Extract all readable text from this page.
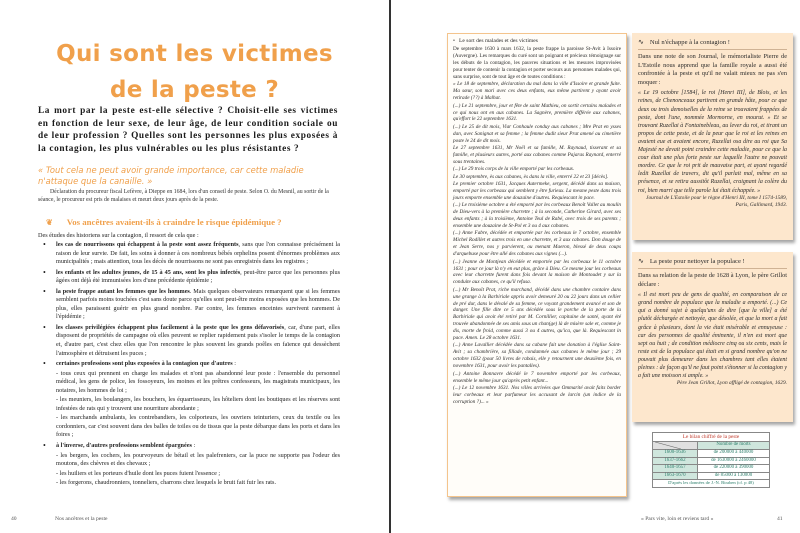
Qui sont les victimes
de la peste ?
La mort par la peste est-elle sélective ? Choisit-elle ses victimes en fonction de leur sexe, de leur âge, de leur condition sociale ou de leur profession ? Quelles sont les personnes les plus exposées à la contagion, les plus vulnérables ou les plus résistantes ?
« Tout cela ne peut avoir grande importance, car cette maladie n'attaque que la canaille. »
Déclaration du procureur fiscal Lefèvre, à Dieppe en 1684, lors d'un conseil de peste. Selon O. du Mesnil, au sortir de la séance, le procureur est pris de malaises et meurt deux jours après de la peste.
❦ Vos ancêtres avaient-ils à craindre le risque épidémique ?
Des études des historiens sur la contagion, il ressort de cela que :
• les cas de nourrissons qui échappent à la peste sont assez fréquents, sans que l'on connaisse précisément la raison de leur survie. De fait, les soins à donner à ces nombreux bébés orphelins posent d'énormes problèmes aux municipalités ; mais attention, tous les décès de nourrissons ne sont pas enregistrés dans les registres ;
• les enfants et les adultes jeunes, de 15 à 45 ans, sont les plus infectés, peut-être parce que les personnes plus âgées ont déjà été immunisées lors d'une précédente épidémie ;
• la peste frappe autant les femmes que les hommes. Mais quelques observateurs remarquent que si les femmes semblent parfois moins touchées c'est sans doute parce qu'elles sont peut-être moins exposées que les hommes. De plus, elles paraissent guérir en plus grand nombre. Par contre, les femmes enceintes survivent rarement à l'épidémie ;
• les classes privilégiées échappent plus facilement à la peste que les gens défavorisés, car, d'une part, elles disposent de propriétés de campagne où elles peuvent se replier rapidement puis s'isoler le temps de la contagion et, d'autre part, c'est chez elles que l'on rencontre le plus souvent les grands poêles en faïence qui dessèchent l'atmosphère et détruisent les puces ;
• certaines professions sont plus exposées à la contagion que d'autres :
- tous ceux qui prennent en charge les malades et n'ont pas abandonné leur poste : l'ensemble du personnel médical, les gens de police, les fossoyeurs, les moines et les prêtres confesseurs, les magistrats municipaux, les notaires, les hommes de loi ;
- les meuniers, les boulangers, les bouchers, les équarrisseurs, les hôteliers dont les boutiques et les réserves sont infestées de rats qui y trouvent une nourriture abondante ;
- les marchands ambulants, les contrebandiers, les colporteurs, les ouvriers teinturiers, ceux du textile ou les cordonniers, car c'est souvent dans des balles de toiles ou de tissus que la peste débarque dans les ports et dans les foires ;
• à l'inverse, d'autres professions semblent épargnées :
- les bergers, les cochers, les pourvoyeurs de bétail et les palefreniers, car la puce ne supporte pas l'odeur des moutons, des chèvres et des chevaux ;
- les huiliers et les porteurs d'huile dont les puces fuient l'essence ;
- les forgerons, chaudronniers, tonneliers, charrons chez lesquels le bruit fait fuir les rats.
40	Nos ancêtres et la peste
• Le sort des malades et des victimes
De septembre 1630 à mars 1632, la peste frappe la paroisse St-Avit à Issoire (Auvergne). Les remarques du curé sont un poignant et précieux témoignage sur les débuts de la contagion, les pauvres situations et les mesures improvisées pour tenter de contenir la contagion et porter secours aux personnes malades qui, sans surprise, sont de tout âge et de toutes conditions :

« Le 18 de septembre, déclaration du mal dans la ville d'Issoire et grande fuite. Ma sœur, son mari avec ces deux enfants, eux même partirent y ayant avoir retirade (??) à Malhat.

(...) Le 21 septembre, jour et fête de saint Mathieu, on sortit certains malades et ce qui nous ont en aux cabanes. La Sagnère, première différée aux cabanes, qu'effort le 22 septembre 1631.

(...) Le 25 de dit mois, Viar Conhaule conduy aux cabanes ; Mre Prat en ysses dan, avec Sanignat et sa femme ; la femme dudit sieur Prat amené au cimetière poste le 24 de dit mois.

Le 27 septembre 1631, Mr Noël et sa famille, M. Raynaud, tisserant et sa famille, et plusieurs autres, porté aux cabanes comme Pajaras Raynard, enterré sous trentaines.

(...) Le 29 trois corps de la ville emporté par les corbeaux.

Le 30 septembre, ès aux cabanes, ès dans la ville, enterré 22 et 23 [décès].

Le premier octobre 1631, Jacques Autermeke, sergent, décédé dans sa maison, emporté par les corbeaux qui semblent y être furieux. La mesme peste dans trois jours emporte ensemble une douzaine d'autres. Requiescant in pace.

(...) Le troisième octobre a été emporté par les corbeaux Benoît Vallet au moulin de Dieu-vers à la première charrette ; à la seconde, Catherine Girard, avec ses deux enfants ; à la troisième, Antoine Teul de Rabé, avec trois de ses parents ; ensemble une douzaine de St-Pol et 3 ou 4 aux cabanes.

(...) Anne Fabre, décédée et emportée par les corbeaux le 7 octobre, ensemble Michel Rodillet et autres trois en une charrette, et 3 aux cabanes. Don douge de et Jean Serre, nos y parvierent, ou menant Maeron, blessé de deux coups d'arquebuse pour être allé des cabanes aux vignes (...).

(...) Jeanne de Montjean décédée et emportée par les corbeaux le 11 octobre 1631 ; pour ce jour là n'y en eut plus, grâce à Dieu. Ce mesme jour les corbeaux avec leur charrette furent dans fois devant la maison de Montoudet y sur la conduite aux cabanes, ce qu'il refusa.

(...) Mr Benoît Prat, riche marchand, décédé dans une chambre contaire dans une grange à la Barbiriale appris avoir demeuré 20 ou 22 jours dans un cellier de pré dur, dans le dévalé de sa femme, ce voyant grandement avancé et son de danger. Une fille dite ce 5 ans décédée sous le porche de la porte de la Barbiriale qui avoit été retiré par M. Cornillier, capitaine de santé, ayant été trouvée abandonnée de ses amis sous un chan(ge) là de misère sale et, comme je dis, morte de froid, comme aussi 3 ou 4 autres, qu'ica, que là. Requiescant in pace. Amen. Le 28 octobre 1631.

(...) Anne Lavallier décédée dans sa cabane fait une donation à l'église Saint-Avit ; sa chambrière, sa fillade, condamnée aux cabanes le même jour ; 29 octobre 1632 (pour 50 livres de rabais, elle y retournent une deuxième fois, en novembre 1631, pour avoir les pantalles).

(...) Antoine Bonnavre décédé le 7 novembre emporté par les corbeaux, ensemble le même jour qu'après petit enfant...

(...) Le 12 novembre 1631. Nos villes arrivées que Ommarité avait faits border leur corbeaux et leur parfumeur les accusant de larcin (un indice de la corruption ?)... »

∿ Nul n'échappe à la contagion !
Dans une note de son Journal, le mémorialiste Pierre de L'Estoile nous apprend que la famille royale a aussi été confrontée à la peste et qu'il ne valait mieux ne pas s'en moquer :
« Le 19 octobre [1584], le roi [Henri III], de Blois, et les reines, de Chenonceaux partirent en grande hâte, pour ce que deux ou trois demoiselles de la reine se trouvaient frappées de peste, dont l'une, nommée Mormorne, en mourut. » Et se trouvant Ruzellai à Fontainebleau, au lever du roi, et tirant un propos de cette peste, et de la peur que le roi et les reines en avaient eue et avaient encore, Ruzellai osa dire au roi que Sa Majesté ne devait point craindre cette maladie, pour ce que la cour était une plus forte peste sur laquelle l'autre ne pouvait mordre. Ce que le roi prit de mauvaise part, et ayant regardé ledit Ruzellai de travers, dit qu'il parlait mal, même en sa présence, et se retira aussitôt Ruzellai, craignant la colère du roi, bien marri que telle parole lui était échappée. »
Journal de L'Estoile pour le règne d'Henri III, tome I 1574-1589, Paris, Gallimard, 1943.
∿ La peste pour nettoyer la populace !
Dans sa relation de la peste de 1628 à Lyon, le père Grillot déclare :
« Il est mort peu de gens de qualité, en comparaison de ce grand nombre de populace que la maladie a emporté. (...) Ce qui a donné sujet à quelqu'uns de dire [que la ville] a été plutôt déchargée et nettoyée, que désolée, et que la mort a fait grâce à plusieurs, dont la vie était misérable et ennuyeuse : car des personnes de qualité éminente, il n'en est mort que sept ou huit ; de condition médiocre cinq ou six cents, mais le reste est de la populace qui était en si grand nombre qu'on ne pouvait plus demeurer dans les chambres tant elles étaient pleines : de façon qu'il ne faut point s'étonner si la contagion y a fait une moisson si ample. »
Père Jean Grillot, Lyon affligé de contagion, 1629.
Le bilan chiffré de la peste	

	Nombre de morts
1600-1636	de 200000 à 440000
1637-1662	de 1630000 à 2460000
1640-1657	de 220000 à 390000
1663-1670	de 85000 à 130000
D'après les données de J.-N. Biraben (cf. p 48)	
« Pars vite, loin et reviens tard »	41
